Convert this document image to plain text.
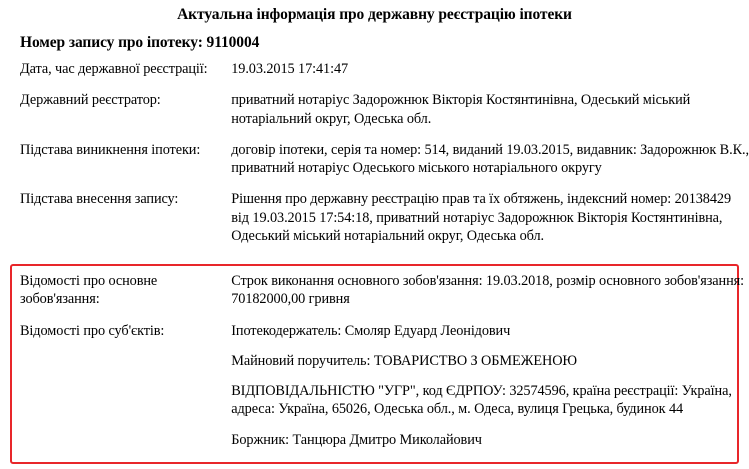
Актуальна інформація про державну реєстрацію іпотеки
Номер запису про іпотеку: 9110004
Дата, час державної реєстрації:	19.03.2015 17:41:47
Державний реєстратор:	приватний нотаріус Задорожнюк Вікторія Костянтинівна, Одеський міський нотаріальний округ, Одеська обл.
Підстава виникнення іпотеки:	договір іпотеки, серія та номер: 514, виданий 19.03.2015, видавник: Задорожнюк В.К., приватний нотаріус Одеського міського нотаріального округу
Підстава внесення запису:	Рішення про державну реєстрацію прав та їх обтяжень, індексний номер: 20138429 від 19.03.2015 17:54:18, приватний нотаріус Задорожнюк Вікторія Костянтинівна, Одеський міський нотаріальний округ, Одеська обл.
Відомості про основне зобов'язання:	Строк виконання основного зобов'язання: 19.03.2018, розмір основного зобов'язання: 70182000,00 гривня

Відомості про суб'єктів:	Іпотекодержатель: Смоляр Едуард Леонідович
Майновий поручитель: ТОВАРИСТВО З ОБМЕЖЕНОЮ
ВІДПОВІДАЛЬНІСТЮ "УГР", код ЄДРПОУ: 32574596, країна реєстрації: Україна, адреса: Україна, 65026, Одеська обл., м. Одеса, вулиця Грецька, будинок 44
Боржник: Танцюра Дмитро Миколайович
